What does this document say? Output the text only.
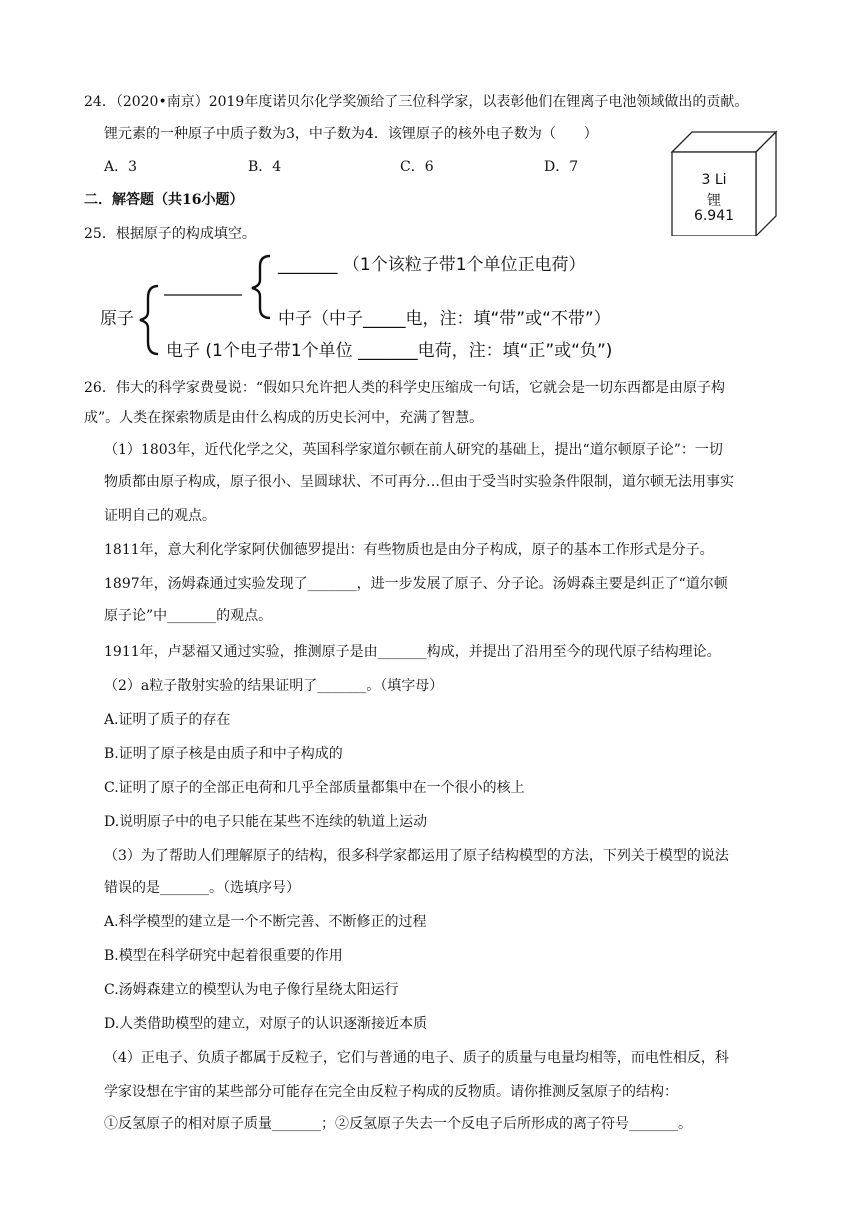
24．（2020•南京）2019年度诺贝尔化学奖颁给了三位科学家，以表彰他们在锂离子电池领域做出的贡献。
锂元素的一种原子中质子数为3，中子数为4．该锂原子的核外电子数为（　　）
A．3	B．4	C．6	D．7
3 Li
锂
6.941
二．解答题（共16小题）
25．根据原子的构成填空。
原子
_______ （1个该粒子带1个单位正电荷）
中子（中子_____电，注：填“带”或“不带”）
电子 (1个电子带1个单位 _______电荷，注：填“正”或“负”)
26．伟大的科学家费曼说：“假如只允许把人类的科学史压缩成一句话，它就会是一切东西都是由原子构
成”。人类在探索物质是由什么构成的历史长河中，充满了智慧。
（1）1803年，近代化学之父，英国科学家道尔顿在前人研究的基础上，提出“道尔顿原子论”：一切
物质都由原子构成，原子很小、呈圆球状、不可再分…但由于受当时实验条件限制，道尔顿无法用事实
证明自己的观点。
1811年，意大利化学家阿伏伽德罗提出：有些物质也是由分子构成，原子的基本工作形式是分子。
1897年，汤姆森通过实验发现了_______，进一步发展了原子、分子论。汤姆森主要是纠正了“道尔顿
原子论”中_______的观点。
1911年，卢瑟福又通过实验，推测原子是由_______构成，并提出了沿用至今的现代原子结构理论。
（2）a粒子散射实验的结果证明了_______。（填字母）
A.证明了质子的存在
B.证明了原子核是由质子和中子构成的
C.证明了原子的全部正电荷和几乎全部质量都集中在一个很小的核上
D.说明原子中的电子只能在某些不连续的轨道上运动
（3）为了帮助人们理解原子的结构，很多科学家都运用了原子结构模型的方法，下列关于模型的说法
错误的是_______。（选填序号）
A.科学模型的建立是一个不断完善、不断修正的过程
B.模型在科学研究中起着很重要的作用
C.汤姆森建立的模型认为电子像行星绕太阳运行
D.人类借助模型的建立，对原子的认识逐渐接近本质
（4）正电子、负质子都属于反粒子，它们与普通的电子、质子的质量与电量均相等，而电性相反，科
学家设想在宇宙的某些部分可能存在完全由反粒子构成的反物质。请你推测反氢原子的结构：
①反氢原子的相对原子质量_______；②反氢原子失去一个反电子后所形成的离子符号_______。
